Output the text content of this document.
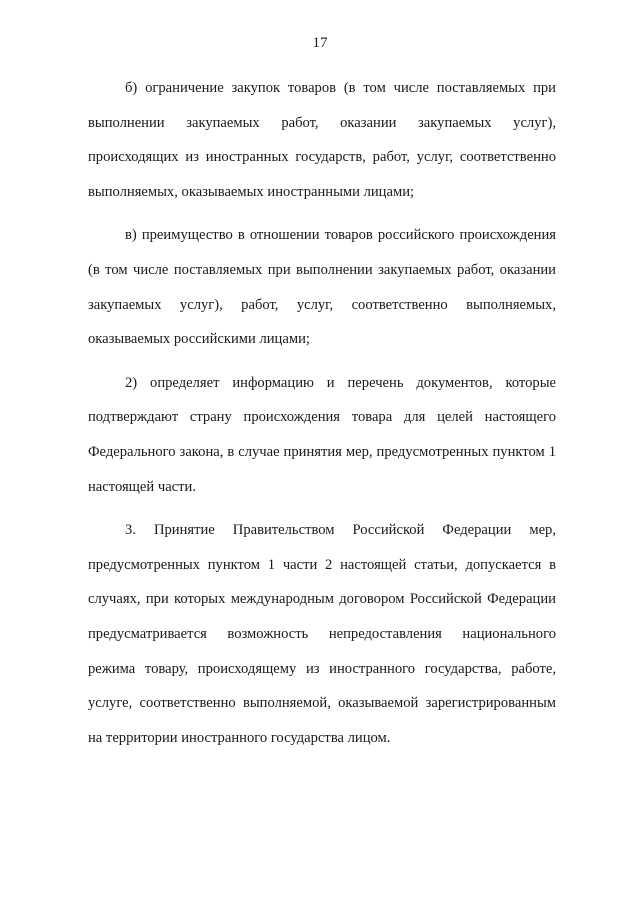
17

б) ограничение закупок товаров (в том числе поставляемых при выполнении закупаемых работ, оказании закупаемых услуг), происходящих из иностранных государств, работ, услуг, соответственно выполняемых, оказываемых иностранными лицами;

в) преимущество в отношении товаров российского происхождения (в том числе поставляемых при выполнении закупаемых работ, оказании закупаемых услуг), работ, услуг, соответственно выполняемых, оказываемых российскими лицами;

2) определяет информацию и перечень документов, которые подтверждают страну происхождения товара для целей настоящего Федерального закона, в случае принятия мер, предусмотренных пунктом 1 настоящей части.

3. Принятие Правительством Российской Федерации мер, предусмотренных пунктом 1 части 2 настоящей статьи, допускается в случаях, при которых международным договором Российской Федерации предусматривается возможность непредоставления национального режима товару, происходящему из иностранного государства, работе, услуге, соответственно выполняемой, оказываемой зарегистрированным на территории иностранного государства лицом.
